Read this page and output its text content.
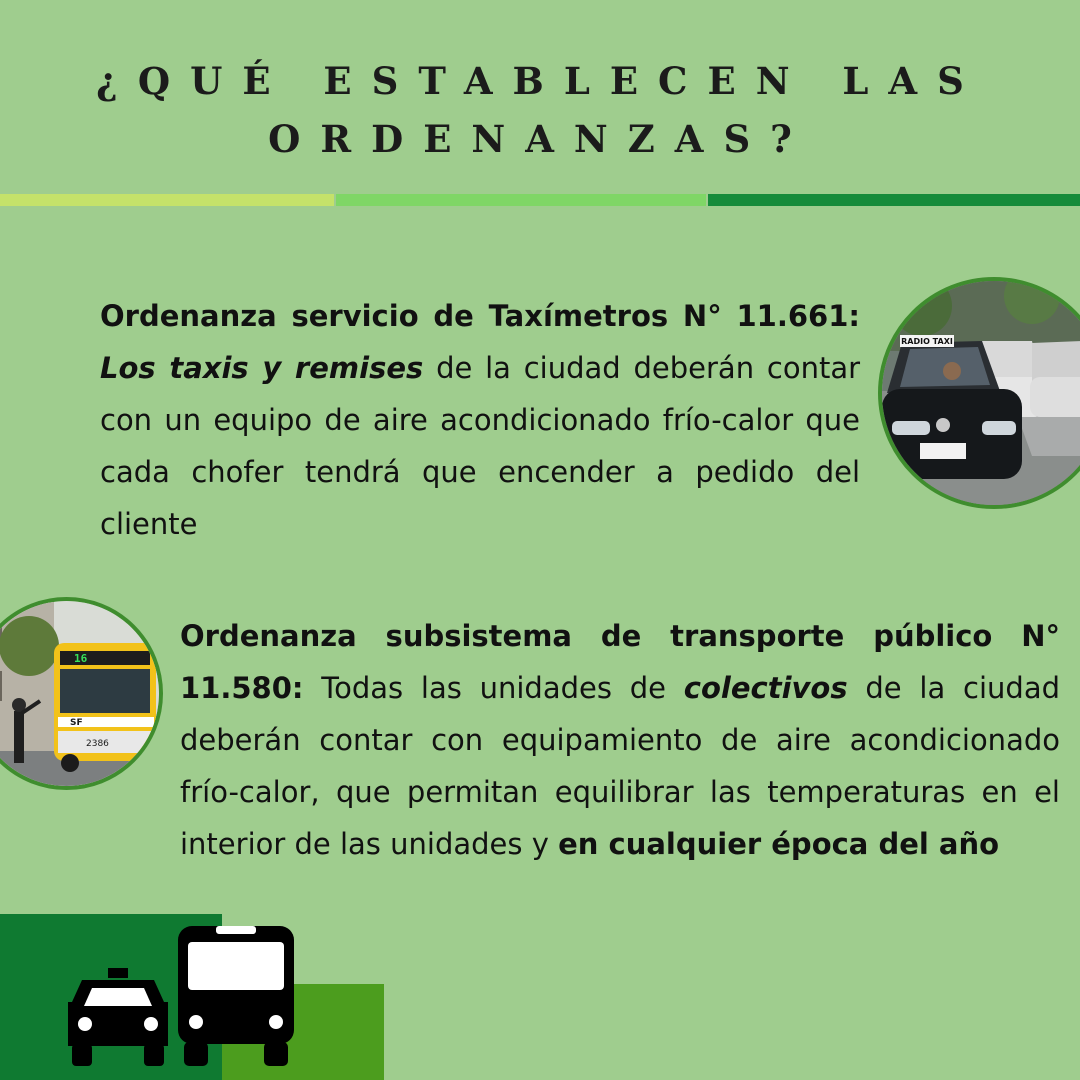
¿QUÉ ESTABLECEN LAS
ORDENANZAS?

Ordenanza servicio de Taxímetros N° 11.661: Los taxis y remises de la ciudad deberán contar con un equipo de aire acondicionado frío-calor que cada chofer tendrá que encender a pedido del cliente

RADIO TAXI
16
SF
2386

Ordenanza subsistema de transporte público N° 11.580: Todas las unidades de colectivos de la ciudad deberán contar con equipamiento de aire acondicionado frío-calor, que permitan equilibrar las temperaturas en el interior de las unidades y en cualquier época del año
